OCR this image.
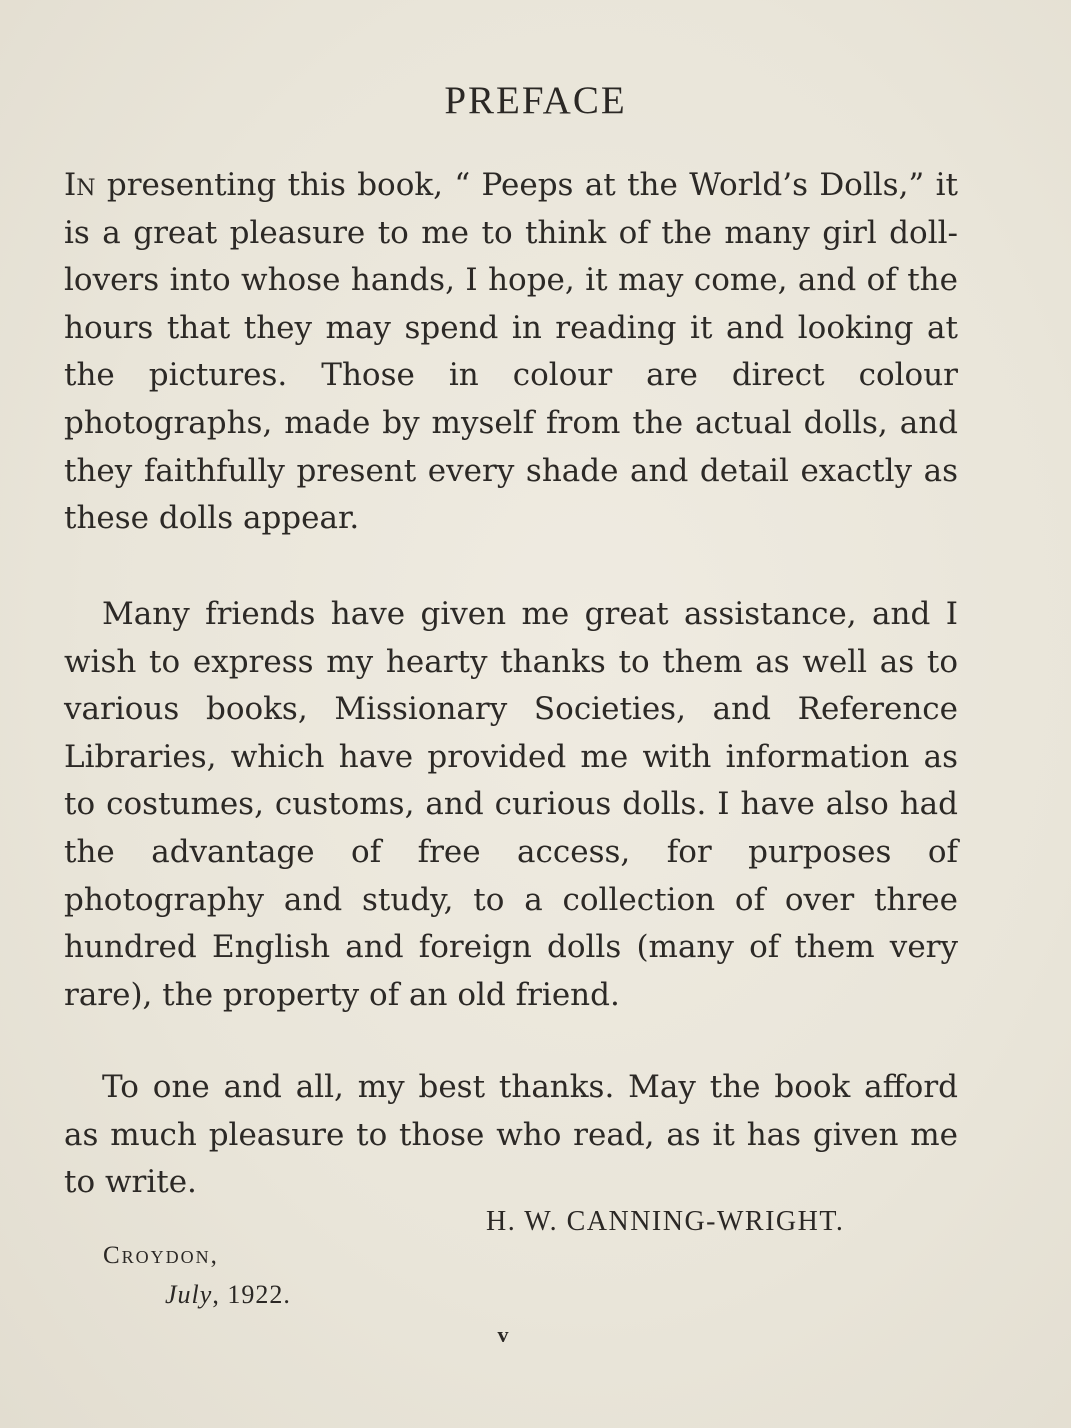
PREFACE
In presenting this book, “ Peeps at the World’s Dolls,” it is a great pleasure to me to think of the many girl doll-lovers into whose hands, I hope, it may come, and of the hours that they may spend in reading it and looking at the pictures. Those in colour are direct colour photographs, made by myself from the actual dolls, and they faithfully present every shade and detail exactly as these dolls appear.
Many friends have given me great assistance, and I wish to express my hearty thanks to them as well as to various books, Missionary Societies, and Reference Libraries, which have provided me with information as to costumes, customs, and curious dolls. I have also had the advantage of free access, for purposes of photography and study, to a collection of over three hundred English and foreign dolls (many of them very rare), the property of an old friend.
To one and all, my best thanks. May the book afford as much pleasure to those who read, as it has given me to write.
H. W. CANNING-WRIGHT.
Croydon,
July, 1922.
v
